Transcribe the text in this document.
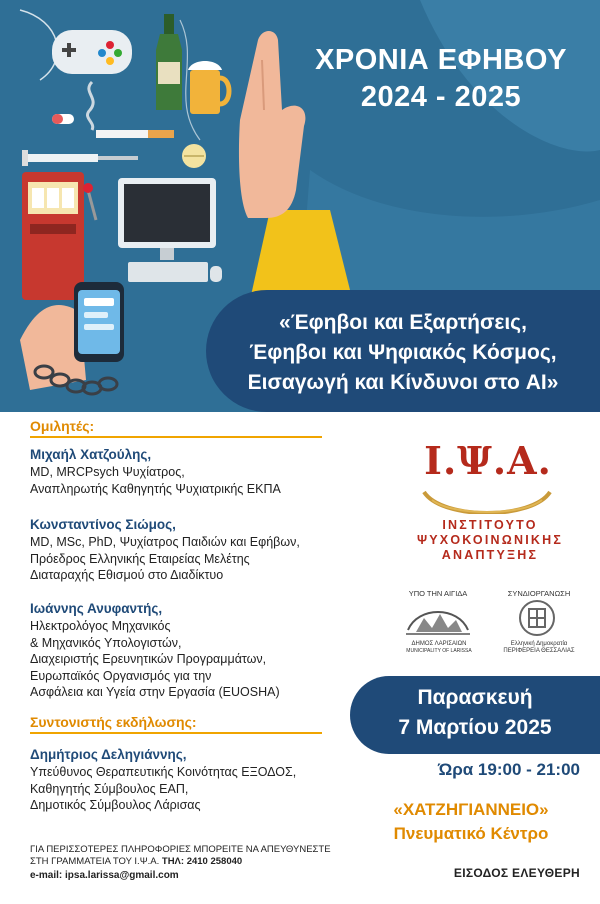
ΧΡΟΝΙΑ ΕΦΗΒΟΥ
2024 - 2025
«Έφηβοι και Εξαρτήσεις,
Έφηβοι και Ψηφιακός Κόσμος,
Εισαγωγή και Κίνδυνοι στο AI»
Ομιλητές:
Μιχαήλ Χατζούλης,
MD, MRCPsych Ψυχίατρος,
Αναπληρωτής Καθηγητής Ψυχιατρικής ΕΚΠΑ
Κωνσταντίνος Σιώμος,
MD, MSc, PhD, Ψυχίατρος Παιδιών και Εφήβων,
Πρόεδρος Ελληνικής Εταιρείας Μελέτης
Διαταραχής Εθισμού στο Διαδίκτυο
Ιωάννης Ανυφαντής,
Ηλεκτρολόγος Μηχανικός
& Μηχανικός Υπολογιστών,
Διαχειριστής Ερευνητικών Προγραμμάτων,
Ευρωπαϊκός Οργανισμός για την
Ασφάλεια και Υγεία στην Εργασία (EUOSHA)
Συντονιστής εκδήλωσης:
Δημήτριος Δεληγιάννης,
Υπεύθυνος Θεραπευτικής Κοινότητας ΕΞΟΔΟΣ,
Καθηγητής Σύμβουλος ΕΑΠ,
Δημοτικός Σύμβουλος Λάρισας
ΓΙΑ ΠΕΡΙΣΣΟΤΕΡΕΣ ΠΛΗΡΟΦΟΡΙΕΣ ΜΠΟΡΕΙΤΕ ΝΑ ΑΠΕΥΘΥΝΕΣΤΕ
ΣΤΗ ΓΡΑΜΜΑΤΕΙΑ ΤΟΥ Ι.Ψ.Α. ΤΗΛ: 2410 258040
e-mail: ipsa.larissa@gmail.com
Ι.Ψ.Α.
ΙΝΣΤΙΤΟΥΤΟ
ΨΥΧΟΚΟΙΝΩΝΙΚΗΣ
ΑΝΑΠΤΥΞΗΣ
ΥΠΟ ΤΗΝ ΑΙΓΙΔΑ	ΣΥΝΔΙΟΡΓΑΝΩΣΗ
ΔΗΜΟΣ ΛΑΡΙΣΑΙΩΝ
MUNICIPALITY OF LARISSA
Ελληνική Δημοκρατία
ΠΕΡΙΦΕΡΕΙΑ ΘΕΣΣΑΛΙΑΣ
Παρασκευή
7 Μαρτίου 2025
Ώρα 19:00 - 21:00
«ΧΑΤΖΗΓΙΑΝΝΕΙΟ»
Πνευματικό Κέντρο
ΕΙΣΟΔΟΣ ΕΛΕΥΘΕΡΗ
